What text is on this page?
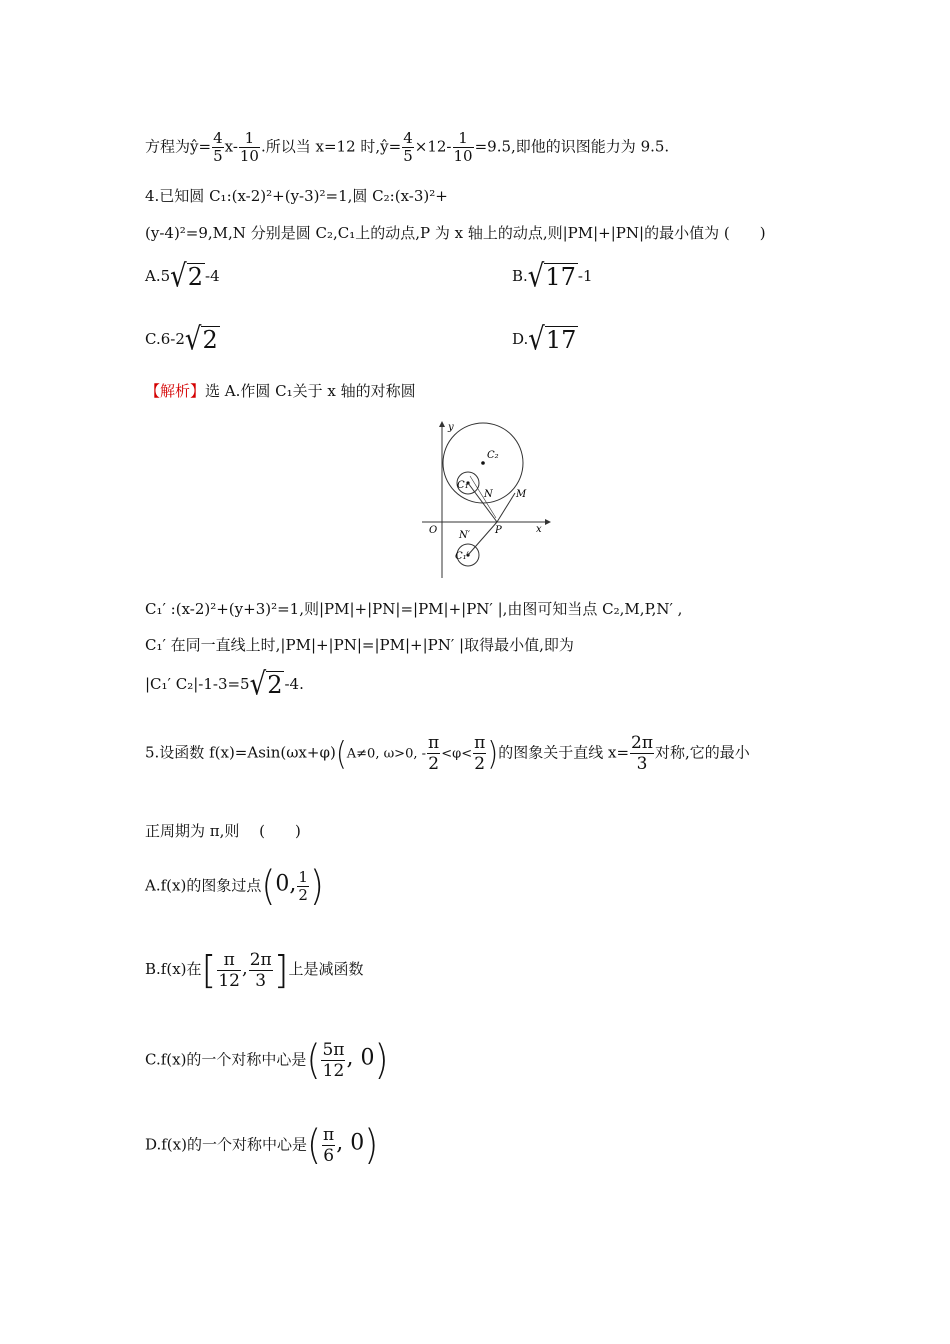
方程为ŷ= $\frac{4}{5} x- \frac{1}{10}$ .所以当 x=12 时,ŷ= $\frac{4}{5} \times 12- \frac{1}{10} =9.5$,即他的识图能力为 9.5.
4.已知圆 C₁:(x-2)²+(y-3)²=1,圆 C₂:(x-3)²+
(y-4)²=9,M,N 分别是圆 C₂,C₁上的动点,P 为 x 轴上的动点,则|PM|+|PN|的最小值为 (　　)
A.5√2 -4	B.√17 -1
C.6-2√2	D.√17
【解析】选 A.作圆 C₁关于 x 轴的对称圆
y
x
O
C₂
C₁
N M
P
N′
C₁′
C₁′ :(x-2)²+(y+3)²=1,则|PM|+|PN|=|PM|+|PN′ |,由图可知当点 C₂,M,P,N′ ,
C₁′ 在同一直线上时,|PM|+|PN|=|PM|+|PN′ |取得最小值,即为
|C₁′ C₂|-1-3=5√2 -4.
5.设函数 f(x)=Asin(ωx+φ)(A≠0, ω>0, - $\frac{\pi}{2} <\varphi< \frac{\pi}{2}$ )的图象关于直线 $x= \frac{2\pi}{3}$ 对称,它的最小
正周期为 π,则 　(　　)
A.f(x)的图象过点(0, $\frac{1}{2}$ )
B.f(x)在[ $\frac{\pi}{12}$ , $\frac{2\pi}{3}$ ]上是减函数
C.f(x)的一个对称中心是( $\frac{5\pi}{12}$ , 0)
D.f(x)的一个对称中心是( $\frac{\pi}{6}$ , 0)
